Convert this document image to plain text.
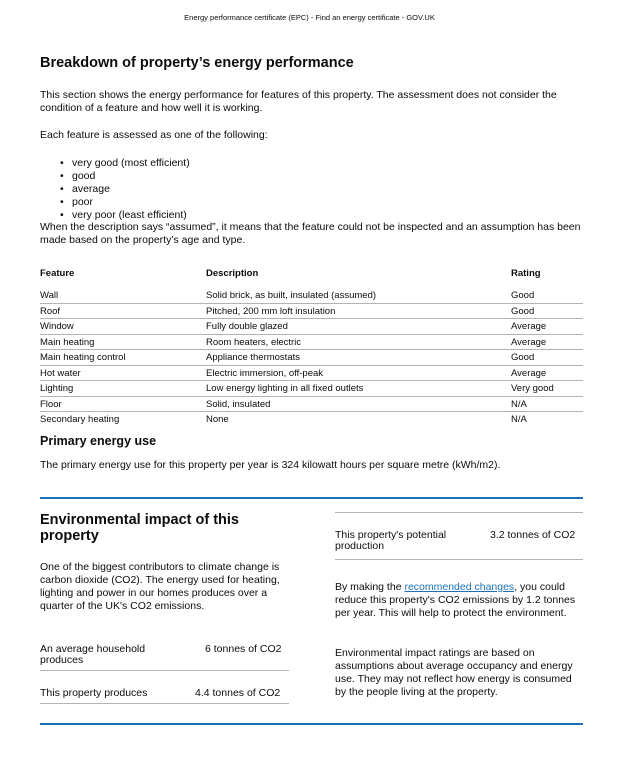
Energy performance certificate (EPC) - Find an energy certificate - GOV.UK
Breakdown of property’s energy performance

This section shows the energy performance for features of this property. The assessment does not consider the condition of a feature and how well it is working.

Each feature is assessed as one of the following:

• very good (most efficient)
• good
• average
• poor
• very poor (least efficient)

When the description says “assumed”, it means that the feature could not be inspected and an assumption has been made based on the property’s age and type.

Feature	Description	Rating
Wall	Solid brick, as built, insulated (assumed)	Good
Roof	Pitched, 200 mm loft insulation	Good
Window	Fully double glazed	Average
Main heating	Room heaters, electric	Average
Main heating control	Appliance thermostats	Good
Hot water	Electric immersion, off-peak	Average
Lighting	Low energy lighting in all fixed outlets	Very good
Floor	Solid, insulated	N/A
Secondary heating	None	N/A
Primary energy use

The primary energy use for this property per year is 324 kilowatt hours per square metre (kWh/m2).

Environmental impact of this property

One of the biggest contributors to climate change is carbon dioxide (CO2). The energy used for heating, lighting and power in our homes produces over a quarter of the UK's CO2 emissions.

An average household produces
6 tonnes of CO2
This property produces	4.4 tonnes of CO2
This property's potential production
3.2 tonnes of CO2

By making the recommended changes, you could reduce this property's CO2 emissions by 1.2 tonnes per year. This will help to protect the environment.

Environmental impact ratings are based on assumptions about average occupancy and energy use. They may not reflect how energy is consumed by the people living at the property.
